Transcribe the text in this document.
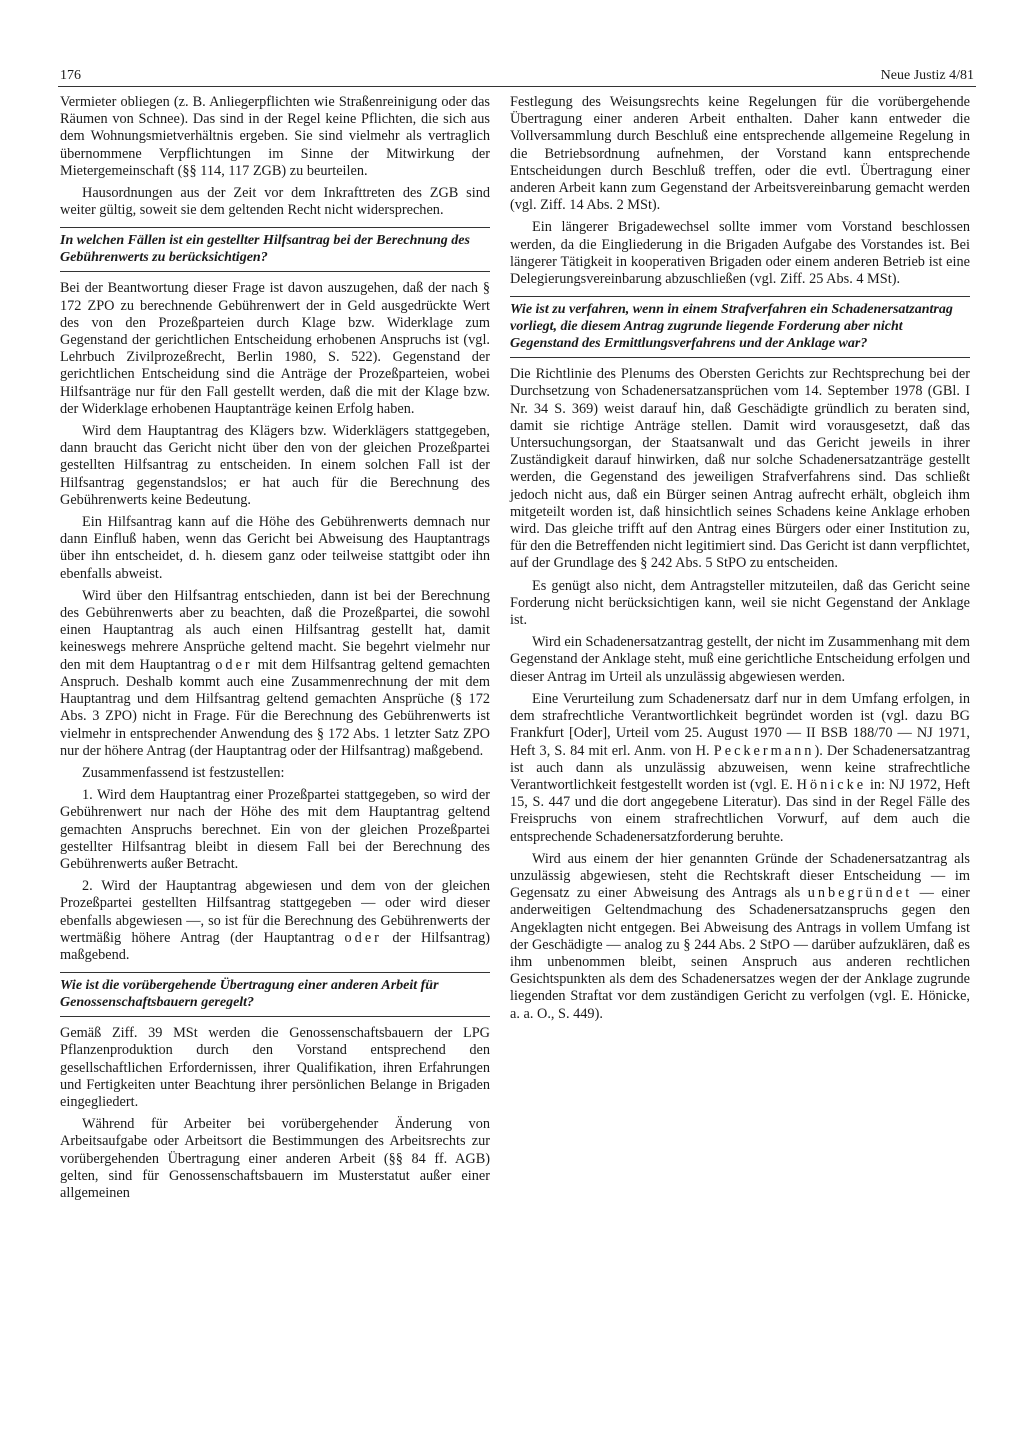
176	Neue Justiz 4/81

Vermieter obliegen (z. B. Anliegerpflichten wie Straßenreinigung oder das Räumen von Schnee). Das sind in der Regel keine Pflichten, die sich aus dem Wohnungsmietverhältnis ergeben. Sie sind vielmehr als vertraglich übernommene Verpflichtungen im Sinne der Mitwirkung der Mietergemeinschaft (§§ 114, 117 ZGB) zu beurteilen.

Hausordnungen aus der Zeit vor dem Inkrafttreten des ZGB sind weiter gültig, soweit sie dem geltenden Recht nicht widersprechen.

In welchen Fällen ist ein gestellter Hilfsantrag bei der Berechnung des Gebührenwerts zu berücksichtigen?

Bei der Beantwortung dieser Frage ist davon auszugehen, daß der nach § 172 ZPO zu berechnende Gebührenwert der in Geld ausgedrückte Wert des von den Prozeßparteien durch Klage bzw. Widerklage zum Gegenstand der gerichtlichen Entscheidung erhobenen Anspruchs ist (vgl. Lehrbuch Zivilprozeßrecht, Berlin 1980, S. 522). Gegenstand der gerichtlichen Entscheidung sind die Anträge der Prozeßparteien, wobei Hilfsanträge nur für den Fall gestellt werden, daß die mit der Klage bzw. der Widerklage erhobenen Hauptanträge keinen Erfolg haben.

Wird dem Hauptantrag des Klägers bzw. Widerklägers stattgegeben, dann braucht das Gericht nicht über den von der gleichen Prozeßpartei gestellten Hilfsantrag zu entscheiden. In einem solchen Fall ist der Hilfsantrag gegenstandslos; er hat auch für die Berechnung des Gebührenwerts keine Bedeutung.

Ein Hilfsantrag kann auf die Höhe des Gebührenwerts demnach nur dann Einfluß haben, wenn das Gericht bei Abweisung des Hauptantrags über ihn entscheidet, d. h. diesem ganz oder teilweise stattgibt oder ihn ebenfalls abweist.

Wird über den Hilfsantrag entschieden, dann ist bei der Berechnung des Gebührenwerts aber zu beachten, daß die Prozeßpartei, die sowohl einen Hauptantrag als auch einen Hilfsantrag gestellt hat, damit keineswegs mehrere Ansprüche geltend macht. Sie begehrt vielmehr nur den mit dem Hauptantrag oder mit dem Hilfsantrag geltend gemachten Anspruch. Deshalb kommt auch eine Zusammenrechnung der mit dem Hauptantrag und dem Hilfsantrag geltend gemachten Ansprüche (§ 172 Abs. 3 ZPO) nicht in Frage. Für die Berechnung des Gebührenwerts ist vielmehr in entsprechender Anwendung des § 172 Abs. 1 letzter Satz ZPO nur der höhere Antrag (der Hauptantrag oder der Hilfsantrag) maßgebend.

Zusammenfassend ist festzustellen:

1. Wird dem Hauptantrag einer Prozeßpartei stattgegeben, so wird der Gebührenwert nur nach der Höhe des mit dem Hauptantrag geltend gemachten Anspruchs berechnet. Ein von der gleichen Prozeßpartei gestellter Hilfsantrag bleibt in diesem Fall bei der Berechnung des Gebührenwerts außer Betracht.

2. Wird der Hauptantrag abgewiesen und dem von der gleichen Prozeßpartei gestellten Hilfsantrag stattgegeben — oder wird dieser ebenfalls abgewiesen —, so ist für die Berechnung des Gebührenwerts der wertmäßig höhere Antrag (der Hauptantrag oder der Hilfsantrag) maßgebend.

Wie ist die vorübergehende Übertragung einer anderen Arbeit für Genossenschaftsbauern geregelt?

Gemäß Ziff. 39 MSt werden die Genossenschaftsbauern der LPG Pflanzenproduktion durch den Vorstand entsprechend den gesellschaftlichen Erfordernissen, ihrer Qualifikation, ihren Erfahrungen und Fertigkeiten unter Beachtung ihrer persönlichen Belange in Brigaden eingegliedert.

Während für Arbeiter bei vorübergehender Änderung von Arbeitsaufgabe oder Arbeitsort die Bestimmungen des Arbeitsrechts zur vorübergehenden Übertragung einer anderen Arbeit (§§ 84 ff. AGB) gelten, sind für Genossenschaftsbauern im Musterstatut außer einer allgemeinen

Festlegung des Weisungsrechts keine Regelungen für die vorübergehende Übertragung einer anderen Arbeit enthalten. Daher kann entweder die Vollversammlung durch Beschluß eine entsprechende allgemeine Regelung in die Betriebsordnung aufnehmen, der Vorstand kann entsprechende Entscheidungen durch Beschluß treffen, oder die evtl. Übertragung einer anderen Arbeit kann zum Gegenstand der Arbeitsvereinbarung gemacht werden (vgl. Ziff. 14 Abs. 2 MSt).

Ein längerer Brigadewechsel sollte immer vom Vorstand beschlossen werden, da die Eingliederung in die Brigaden Aufgabe des Vorstandes ist. Bei längerer Tätigkeit in kooperativen Brigaden oder einem anderen Betrieb ist eine Delegierungsvereinbarung abzuschließen (vgl. Ziff. 25 Abs. 4 MSt).

Wie ist zu verfahren, wenn in einem Strafverfahren ein Schadenersatzantrag vorliegt, die diesem Antrag zugrunde liegende Forderung aber nicht Gegenstand des Ermittlungsverfahrens und der Anklage war?

Die Richtlinie des Plenums des Obersten Gerichts zur Rechtsprechung bei der Durchsetzung von Schadenersatzansprüchen vom 14. September 1978 (GBl. I Nr. 34 S. 369) weist darauf hin, daß Geschädigte gründlich zu beraten sind, damit sie richtige Anträge stellen. Damit wird vorausgesetzt, daß das Untersuchungsorgan, der Staatsanwalt und das Gericht jeweils in ihrer Zuständigkeit darauf hinwirken, daß nur solche Schadenersatzanträge gestellt werden, die Gegenstand des jeweiligen Strafverfahrens sind. Das schließt jedoch nicht aus, daß ein Bürger seinen Antrag aufrecht erhält, obgleich ihm mitgeteilt worden ist, daß hinsichtlich seines Schadens keine Anklage erhoben wird. Das gleiche trifft auf den Antrag eines Bürgers oder einer Institution zu, für den die Betreffenden nicht legitimiert sind. Das Gericht ist dann verpflichtet, auf der Grundlage des § 242 Abs. 5 StPO zu entscheiden.

Es genügt also nicht, dem Antragsteller mitzuteilen, daß das Gericht seine Forderung nicht berücksichtigen kann, weil sie nicht Gegenstand der Anklage ist.

Wird ein Schadenersatzantrag gestellt, der nicht im Zusammenhang mit dem Gegenstand der Anklage steht, muß eine gerichtliche Entscheidung erfolgen und dieser Antrag im Urteil als unzulässig abgewiesen werden.

Eine Verurteilung zum Schadenersatz darf nur in dem Umfang erfolgen, in dem strafrechtliche Verantwortlichkeit begründet worden ist (vgl. dazu BG Frankfurt [Oder], Urteil vom 25. August 1970 — II BSB 188/70 — NJ 1971, Heft 3, S. 84 mit erl. Anm. von H. Peckermann). Der Schadenersatzantrag ist auch dann als unzulässig abzuweisen, wenn keine strafrechtliche Verantwortlichkeit festgestellt worden ist (vgl. E. Hönicke in: NJ 1972, Heft 15, S. 447 und die dort angegebene Literatur). Das sind in der Regel Fälle des Freispruchs von einem strafrechtlichen Vorwurf, auf dem auch die entsprechende Schadenersatzforderung beruhte.

Wird aus einem der hier genannten Gründe der Schadenersatzantrag als unzulässig abgewiesen, steht die Rechtskraft dieser Entscheidung — im Gegensatz zu einer Abweisung des Antrags als unbegründet — einer anderweitigen Geltendmachung des Schadenersatzanspruchs gegen den Angeklagten nicht entgegen. Bei Abweisung des Antrags in vollem Umfang ist der Geschädigte — analog zu § 244 Abs. 2 StPO — darüber aufzuklären, daß es ihm unbenommen bleibt, seinen Anspruch aus anderen rechtlichen Gesichtspunkten als dem des Schadenersatzes wegen der der Anklage zugrunde liegenden Straftat vor dem zuständigen Gericht zu verfolgen (vgl. E. Hönicke, a. a. O., S. 449).
